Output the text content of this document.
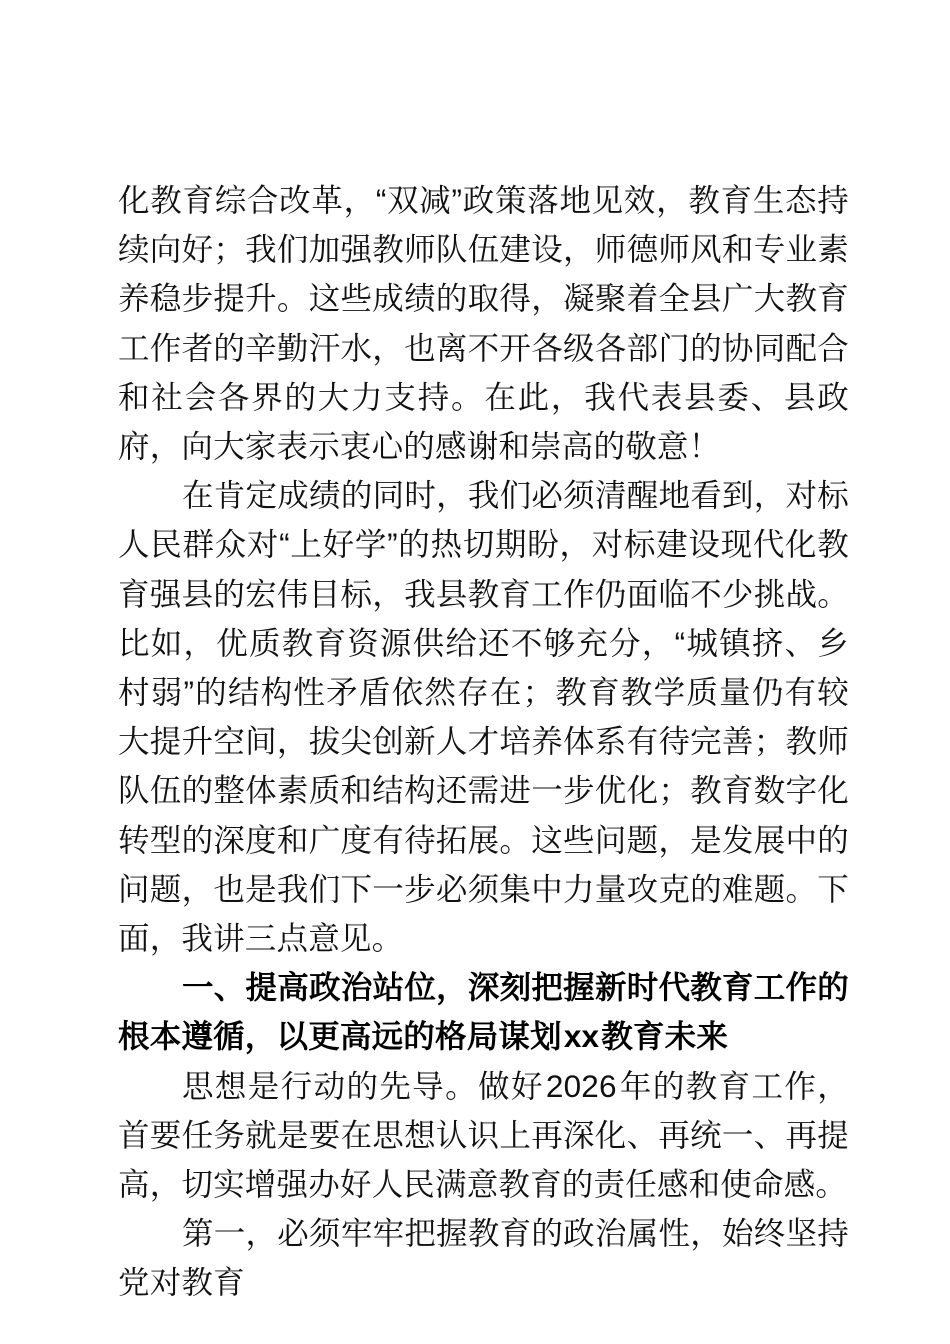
化教育综合改革，“双减”政策落地见效，教育生态持续向好；我们加强教师队伍建设，师德师风和专业素养稳步提升。这些成绩的取得，凝聚着全县广大教育工作者的辛勤汗水，也离不开各级各部门的协同配合和社会各界的大力支持。在此，我代表县委、县政府，向大家表示衷心的感谢和崇高的敬意！

在肯定成绩的同时，我们必须清醒地看到，对标人民群众对“上好学”的热切期盼，对标建设现代化教育强县的宏伟目标，我县教育工作仍面临不少挑战。比如，优质教育资源供给还不够充分，“城镇挤、乡村弱”的结构性矛盾依然存在；教育教学质量仍有较大提升空间，拔尖创新人才培养体系有待完善；教师队伍的整体素质和结构还需进一步优化；教育数字化转型的深度和广度有待拓展。这些问题，是发展中的问题，也是我们下一步必须集中力量攻克的难题。下面，我讲三点意见。

一、提高政治站位，深刻把握新时代教育工作的根本遵循，以更高远的格局谋划xx教育未来

思想是行动的先导。做好2026年的教育工作，首要任务就是要在思想认识上再深化、再统一、再提高，切实增强办好人民满意教育的责任感和使命感。

第一，必须牢牢把握教育的政治属性，始终坚持党对教育
